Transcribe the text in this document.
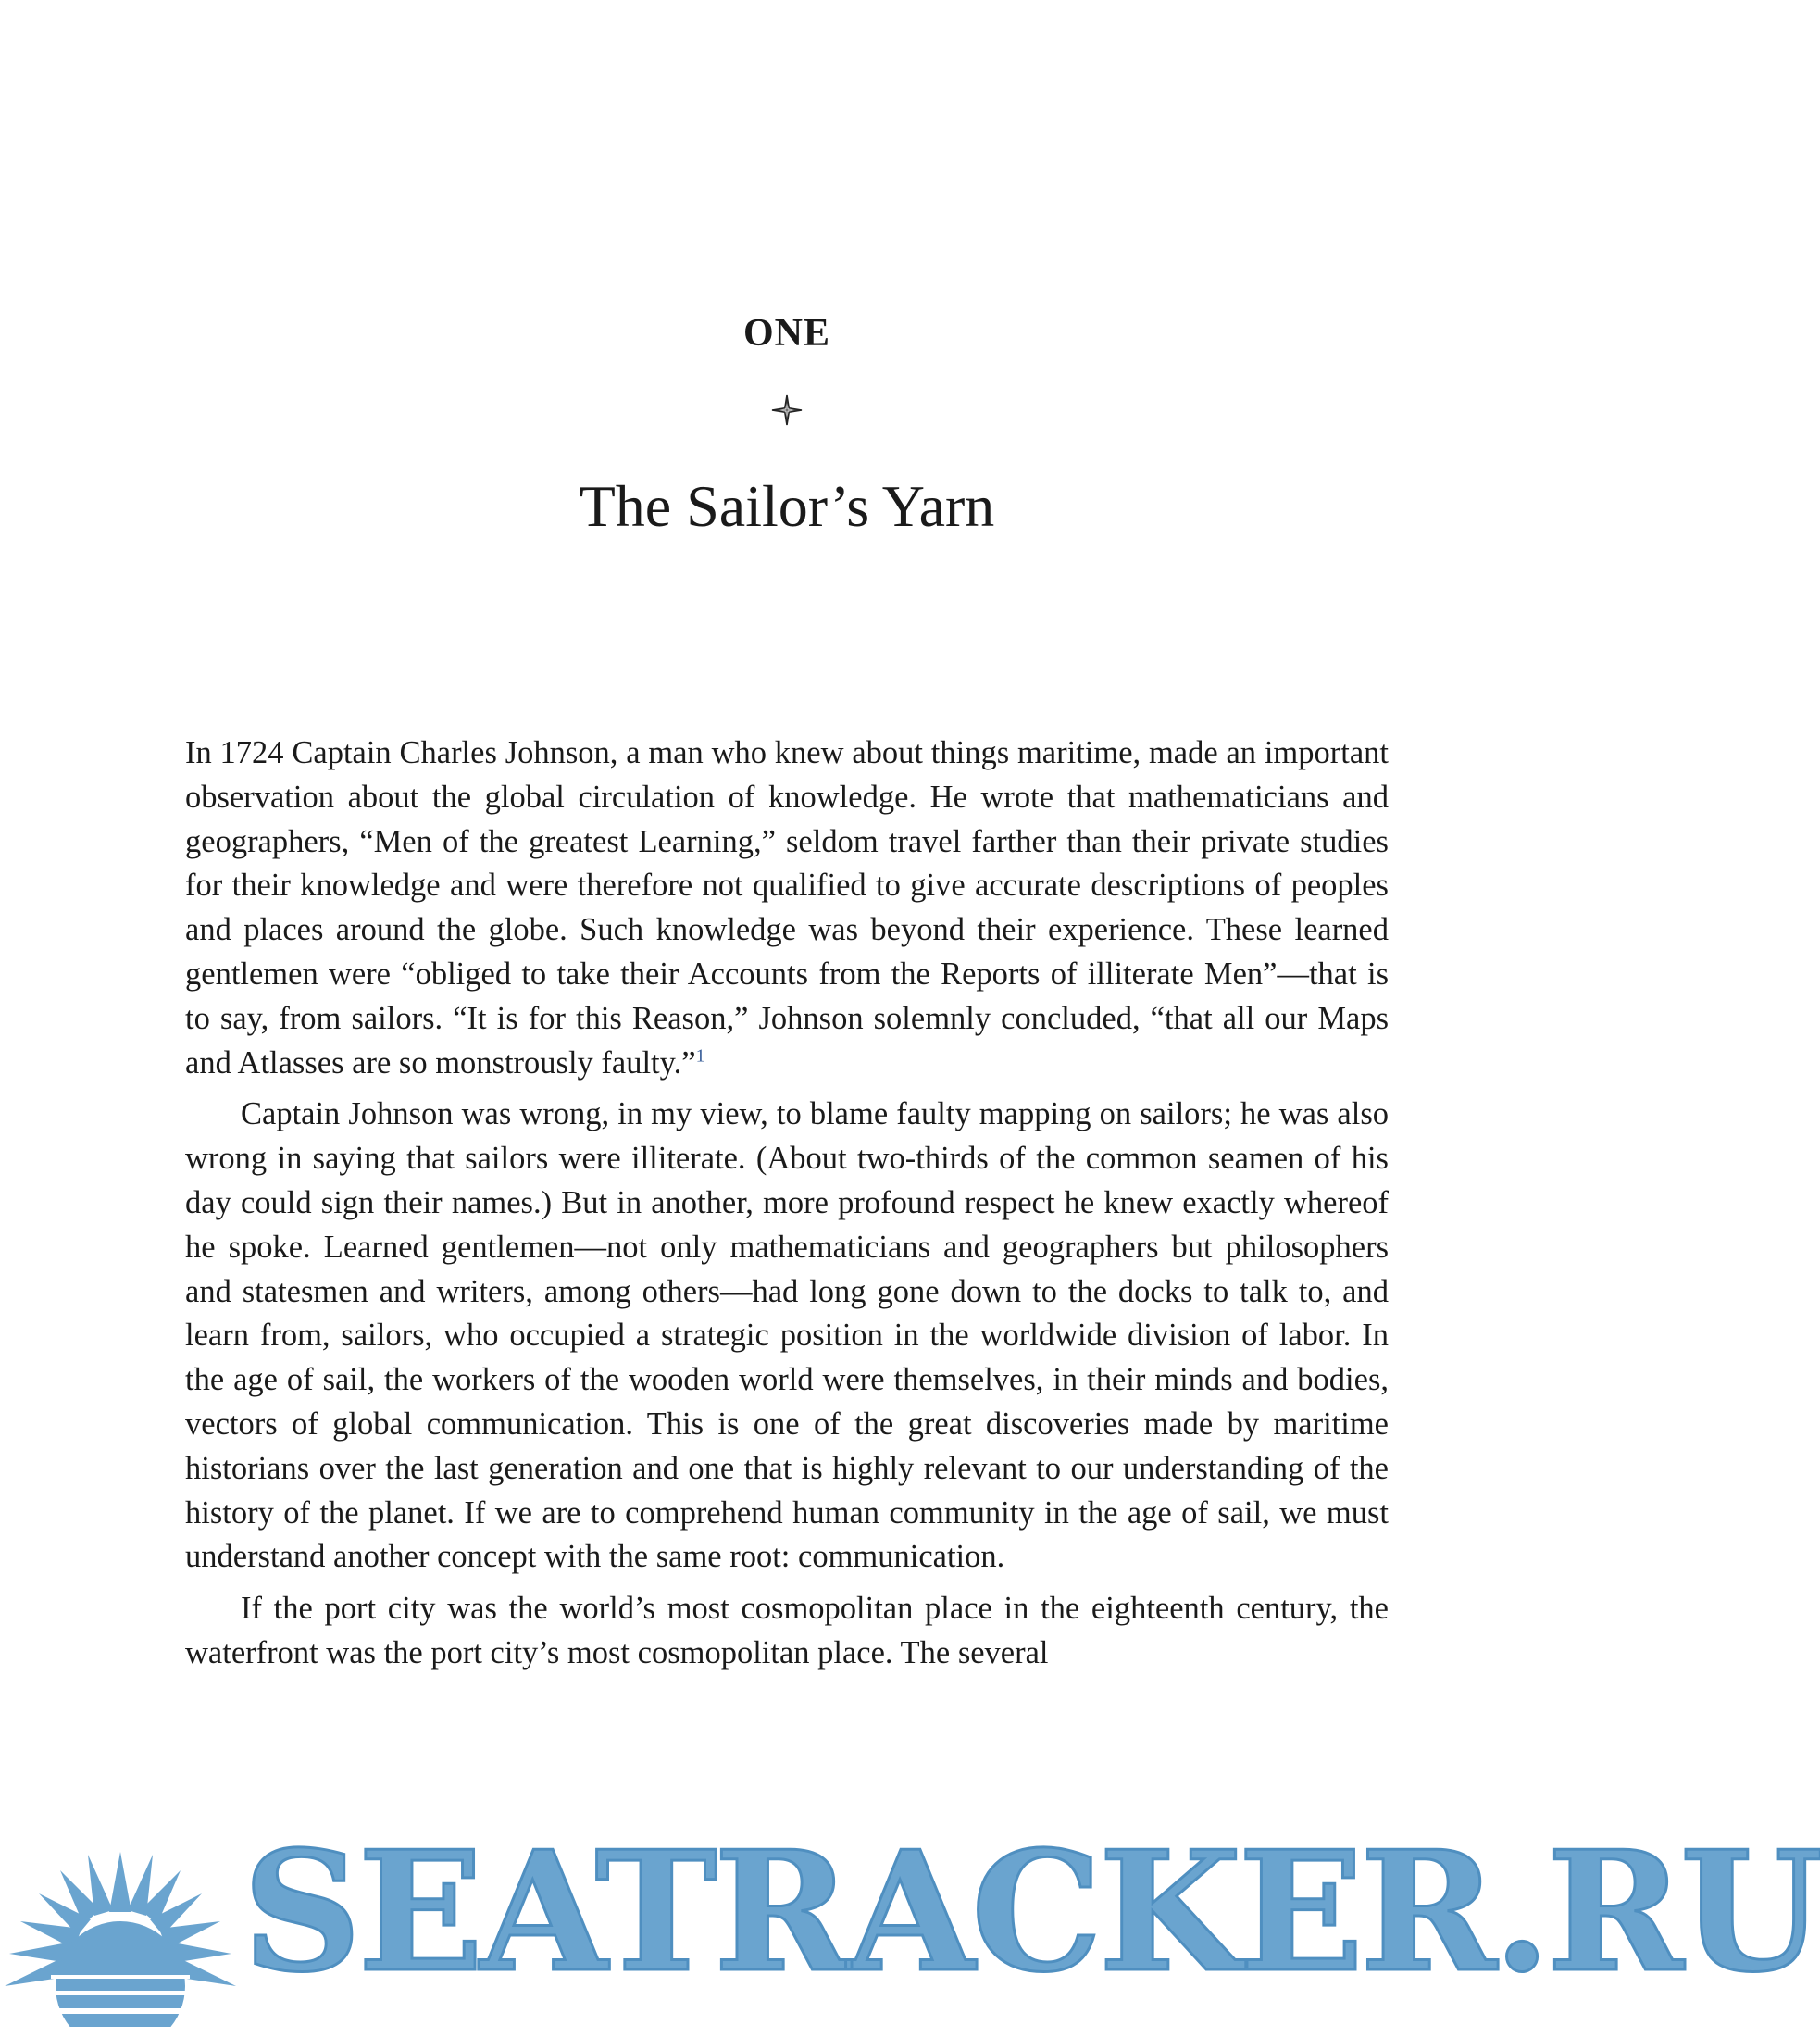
ONE
The Sailor’s Yarn

In 1724 Captain Charles Johnson, a man who knew about things maritime, made an important observation about the global circulation of knowledge. He wrote that mathematicians and geographers, “Men of the greatest Learning,” seldom travel farther than their private studies for their knowledge and were therefore not qualified to give accurate descriptions of peoples and places around the globe. Such knowledge was beyond their experience. These learned gentlemen were “obliged to take their Accounts from the Reports of illiterate Men”—that is to say, from sailors. “It is for this Reason,” Johnson solemnly concluded, “that all our Maps and Atlasses are so monstrously faulty.”$^1$

Captain Johnson was wrong, in my view, to blame faulty mapping on sailors; he was also wrong in saying that sailors were illiterate. (About two-thirds of the common seamen of his day could sign their names.) But in another, more profound respect he knew exactly whereof he spoke. Learned gentlemen—not only mathematicians and geographers but philosophers and statesmen and writers, among others—had long gone down to the docks to talk to, and learn from, sailors, who occupied a strategic position in the worldwide division of labor. In the age of sail, the workers of the wooden world were themselves, in their minds and bodies, vectors of global communication. This is one of the great discoveries made by maritime historians over the last generation and one that is highly relevant to our understanding of the history of the planet. If we are to comprehend human community in the age of sail, we must understand another concept with the same root: communication.

If the port city was the world’s most cosmopolitan place in the eighteenth century, the waterfront was the port city’s most cosmopolitan place. The several

SEATRACKER.RU
